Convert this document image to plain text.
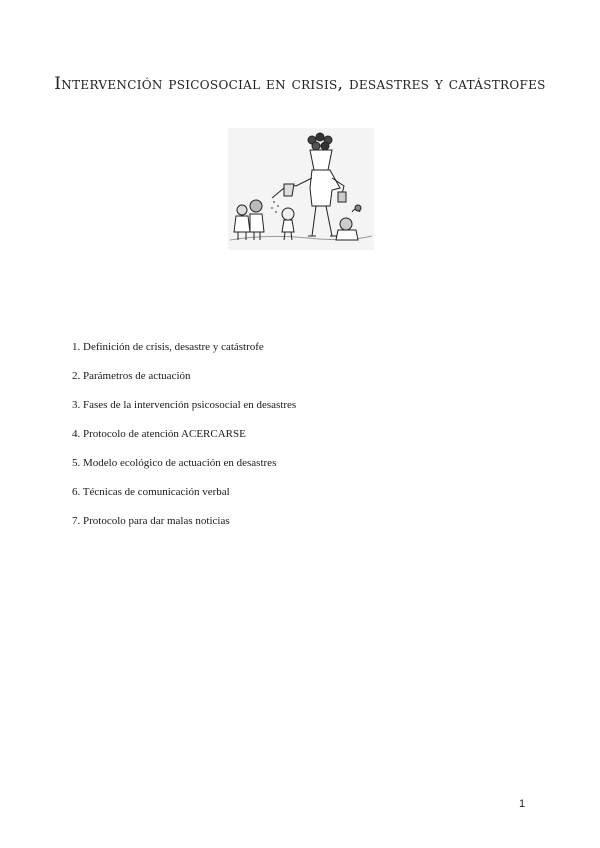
Intervención psicosocial en crisis, desastres y catástrofes
1. Definición de crisis, desastre y catástrofe
2. Parámetros de actuación
3. Fases de la intervención psicosocial en desastres
4. Protocolo de atención ACERCARSE
5. Modelo ecológico de actuación en desastres
6. Técnicas de comunicación verbal
7. Protocolo para dar malas noticias
1
